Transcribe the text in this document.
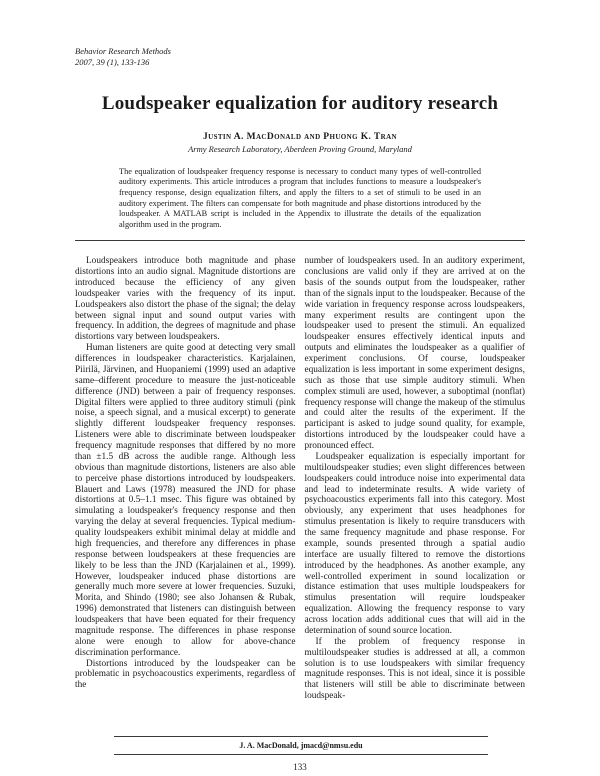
Behavior Research Methods
2007, 39 (1), 133-136
Loudspeaker equalization for auditory research
Justin A. MacDonald and Phuong K. Tran
Army Research Laboratory, Aberdeen Proving Ground, Maryland

The equalization of loudspeaker frequency response is necessary to conduct many types of well-controlled auditory experiments. This article introduces a program that includes functions to measure a loudspeaker's frequency response, design equalization filters, and apply the filters to a set of stimuli to be used in an auditory experiment. The filters can compensate for both magnitude and phase distortions introduced by the loudspeaker. A MATLAB script is included in the Appendix to illustrate the details of the equalization algorithm used in the program.

Loudspeakers introduce both magnitude and phase distortions into an audio signal. Magnitude distortions are introduced because the efficiency of any given loudspeaker varies with the frequency of its input. Loudspeakers also distort the phase of the signal; the delay between signal input and sound output varies with frequency. In addition, the degrees of magnitude and phase distortions vary between loudspeakers.

Human listeners are quite good at detecting very small differences in loudspeaker characteristics. Karjalainen, Piirilä, Järvinen, and Huopaniemi (1999) used an adaptive same–different procedure to measure the just-noticeable difference (JND) between a pair of frequency responses. Digital filters were applied to three auditory stimuli (pink noise, a speech signal, and a musical excerpt) to generate slightly different loudspeaker frequency responses. Listeners were able to discriminate between loudspeaker frequency magnitude responses that differed by no more than ±1.5 dB across the audible range. Although less obvious than magnitude distortions, listeners are also able to perceive phase distortions introduced by loudspeakers. Blauert and Laws (1978) measured the JND for phase distortions at 0.5–1.1 msec. This figure was obtained by simulating a loudspeaker's frequency response and then varying the delay at several frequencies. Typical medium-quality loudspeakers exhibit minimal delay at middle and high frequencies, and therefore any differences in phase response between loudspeakers at these frequencies are likely to be less than the JND (Karjalainen et al., 1999). However, loudspeaker induced phase distortions are generally much more severe at lower frequencies. Suzuki, Morita, and Shindo (1980; see also Johansen & Rubak, 1996) demonstrated that listeners can distinguish between loudspeakers that have been equated for their frequency magnitude response. The differences in phase response alone were enough to allow for above-chance discrimination performance.

Distortions introduced by the loudspeaker can be problematic in psychoacoustics experiments, regardless of the

number of loudspeakers used. In an auditory experiment, conclusions are valid only if they are arrived at on the basis of the sounds output from the loudspeaker, rather than of the signals input to the loudspeaker. Because of the wide variation in frequency response across loudspeakers, many experiment results are contingent upon the loudspeaker used to present the stimuli. An equalized loudspeaker ensures effectively identical inputs and outputs and eliminates the loudspeaker as a qualifier of experiment conclusions. Of course, loudspeaker equalization is less important in some experiment designs, such as those that use simple auditory stimuli. When complex stimuli are used, however, a suboptimal (nonflat) frequency response will change the makeup of the stimulus and could alter the results of the experiment. If the participant is asked to judge sound quality, for example, distortions introduced by the loudspeaker could have a pronounced effect.

Loudspeaker equalization is especially important for multiloudspeaker studies; even slight differences between loudspeakers could introduce noise into experimental data and lead to indeterminate results. A wide variety of psychoacoustics experiments fall into this category. Most obviously, any experiment that uses headphones for stimulus presentation is likely to require transducers with the same frequency magnitude and phase response. For example, sounds presented through a spatial audio interface are usually filtered to remove the distortions introduced by the headphones. As another example, any well-controlled experiment in sound localization or distance estimation that uses multiple loudspeakers for stimulus presentation will require loudspeaker equalization. Allowing the frequency response to vary across location adds additional cues that will aid in the determination of sound source location.

If the problem of frequency response in multiloudspeaker studies is addressed at all, a common solution is to use loudspeakers with similar frequency magnitude responses. This is not ideal, since it is possible that listeners will still be able to discriminate between loudspeak-

J. A. MacDonald, jmacd@nmsu.edu
133
